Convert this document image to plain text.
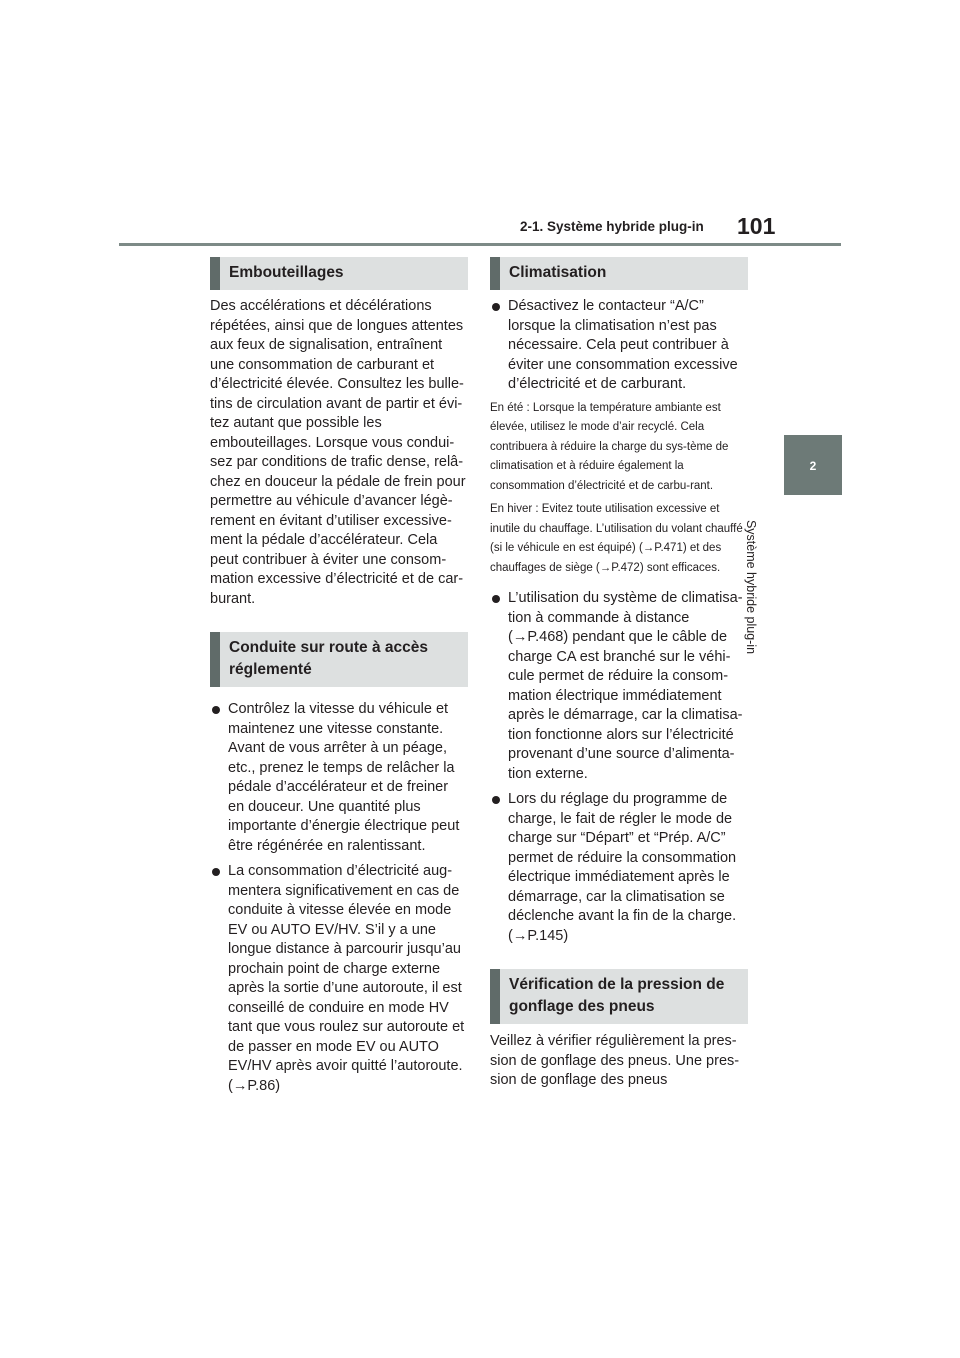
2-1. Système hybride plug-in 101
2
Système hybride plug-in
Embouteillages
Des accélérations et décélérations répétées, ainsi que de longues attentes aux feux de signalisation, entraînent une consommation de carburant et d’électricité élevée. Consultez les bulle-tins de circulation avant de partir et évi-tez autant que possible les embouteillages. Lorsque vous condui-sez par conditions de trafic dense, relâ-chez en douceur la pédale de frein pour permettre au véhicule d’avancer légè-rement en évitant d’utiliser excessive-ment la pédale d’accélérateur. Cela peut contribuer à éviter une consom-mation excessive d’électricité et de car-burant.
Conduite sur route à accès réglementé
Contrôlez la vitesse du véhicule et maintenez une vitesse constante. Avant de vous arrêter à un péage, etc., prenez le temps de relâcher la pédale d’accélérateur et de freiner en douceur. Une quantité plus importante d’énergie électrique peut être régénérée en ralentissant.
La consommation d’électricité aug-mentera significativement en cas de conduite à vitesse élevée en mode EV ou AUTO EV/HV. S’il y a une longue distance à parcourir jusqu’au prochain point de charge externe après la sortie d’une autoroute, il est conseillé de conduire en mode HV tant que vous roulez sur autoroute et de passer en mode EV ou AUTO EV/HV après avoir quitté l’autoroute. (→P.86)
Climatisation
Désactivez le contacteur “A/C” lorsque la climatisation n’est pas nécessaire. Cela peut contribuer à éviter une consommation excessive d’électricité et de carburant.
En été : Lorsque la température ambiante est élevée, utilisez le mode d’air recyclé. Cela contribuera à réduire la charge du sys-tème de climatisation et à réduire également la consommation d’électricité et de carbu-rant.
En hiver : Evitez toute utilisation excessive et inutile du chauffage. L’utilisation du volant chauffé (si le véhicule en est équipé) (→P.471) et des chauffages de siège (→P.472) sont efficaces.
L’utilisation du système de climatisa-tion à commande à distance (→P.468) pendant que le câble de charge CA est branché sur le véhi-cule permet de réduire la consom-mation électrique immédiatement après le démarrage, car la climatisa-tion fonctionne alors sur l’électricité provenant d’une source d’alimenta-tion externe.
Lors du réglage du programme de charge, le fait de régler le mode de charge sur “Départ” et “Prép. A/C” permet de réduire la consommation électrique immédiatement après le démarrage, car la climatisation se déclenche avant la fin de la charge. (→P.145)
Vérification de la pression de gonflage des pneus
Veillez à vérifier régulièrement la pres-sion de gonflage des pneus. Une pres-sion de gonflage des pneus
